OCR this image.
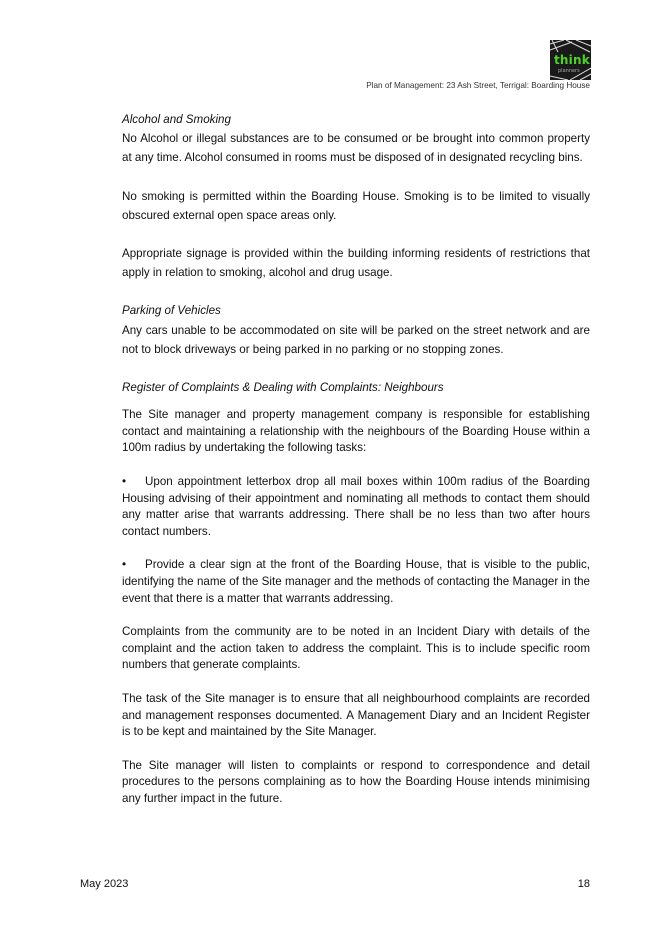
think
planners
Plan of Management: 23 Ash Street, Terrigal: Boarding House

Alcohol and Smoking

No Alcohol or illegal substances are to be consumed or be brought into common property at any time. Alcohol consumed in rooms must be disposed of in designated recycling bins.

No smoking is permitted within the Boarding House. Smoking is to be limited to visually obscured external open space areas only.

Appropriate signage is provided within the building informing residents of restrictions that apply in relation to smoking, alcohol and drug usage.

Parking of Vehicles

Any cars unable to be accommodated on site will be parked on the street network and are not to block driveways or being parked in no parking or no stopping zones.

Register of Complaints & Dealing with Complaints: Neighbours

The Site manager and property management company is responsible for establishing contact and maintaining a relationship with the neighbours of the Boarding House within a 100m radius by undertaking the following tasks:

• Upon appointment letterbox drop all mail boxes within 100m radius of the Boarding Housing advising of their appointment and nominating all methods to contact them should any matter arise that warrants addressing. There shall be no less than two after hours contact numbers.

• Provide a clear sign at the front of the Boarding House, that is visible to the public, identifying the name of the Site manager and the methods of contacting the Manager in the event that there is a matter that warrants addressing.

Complaints from the community are to be noted in an Incident Diary with details of the complaint and the action taken to address the complaint. This is to include specific room numbers that generate complaints.

The task of the Site manager is to ensure that all neighbourhood complaints are recorded and management responses documented. A Management Diary and an Incident Register is to be kept and maintained by the Site Manager.

The Site manager will listen to complaints or respond to correspondence and detail procedures to the persons complaining as to how the Boarding House intends minimising any further impact in the future.

May 2023	18
